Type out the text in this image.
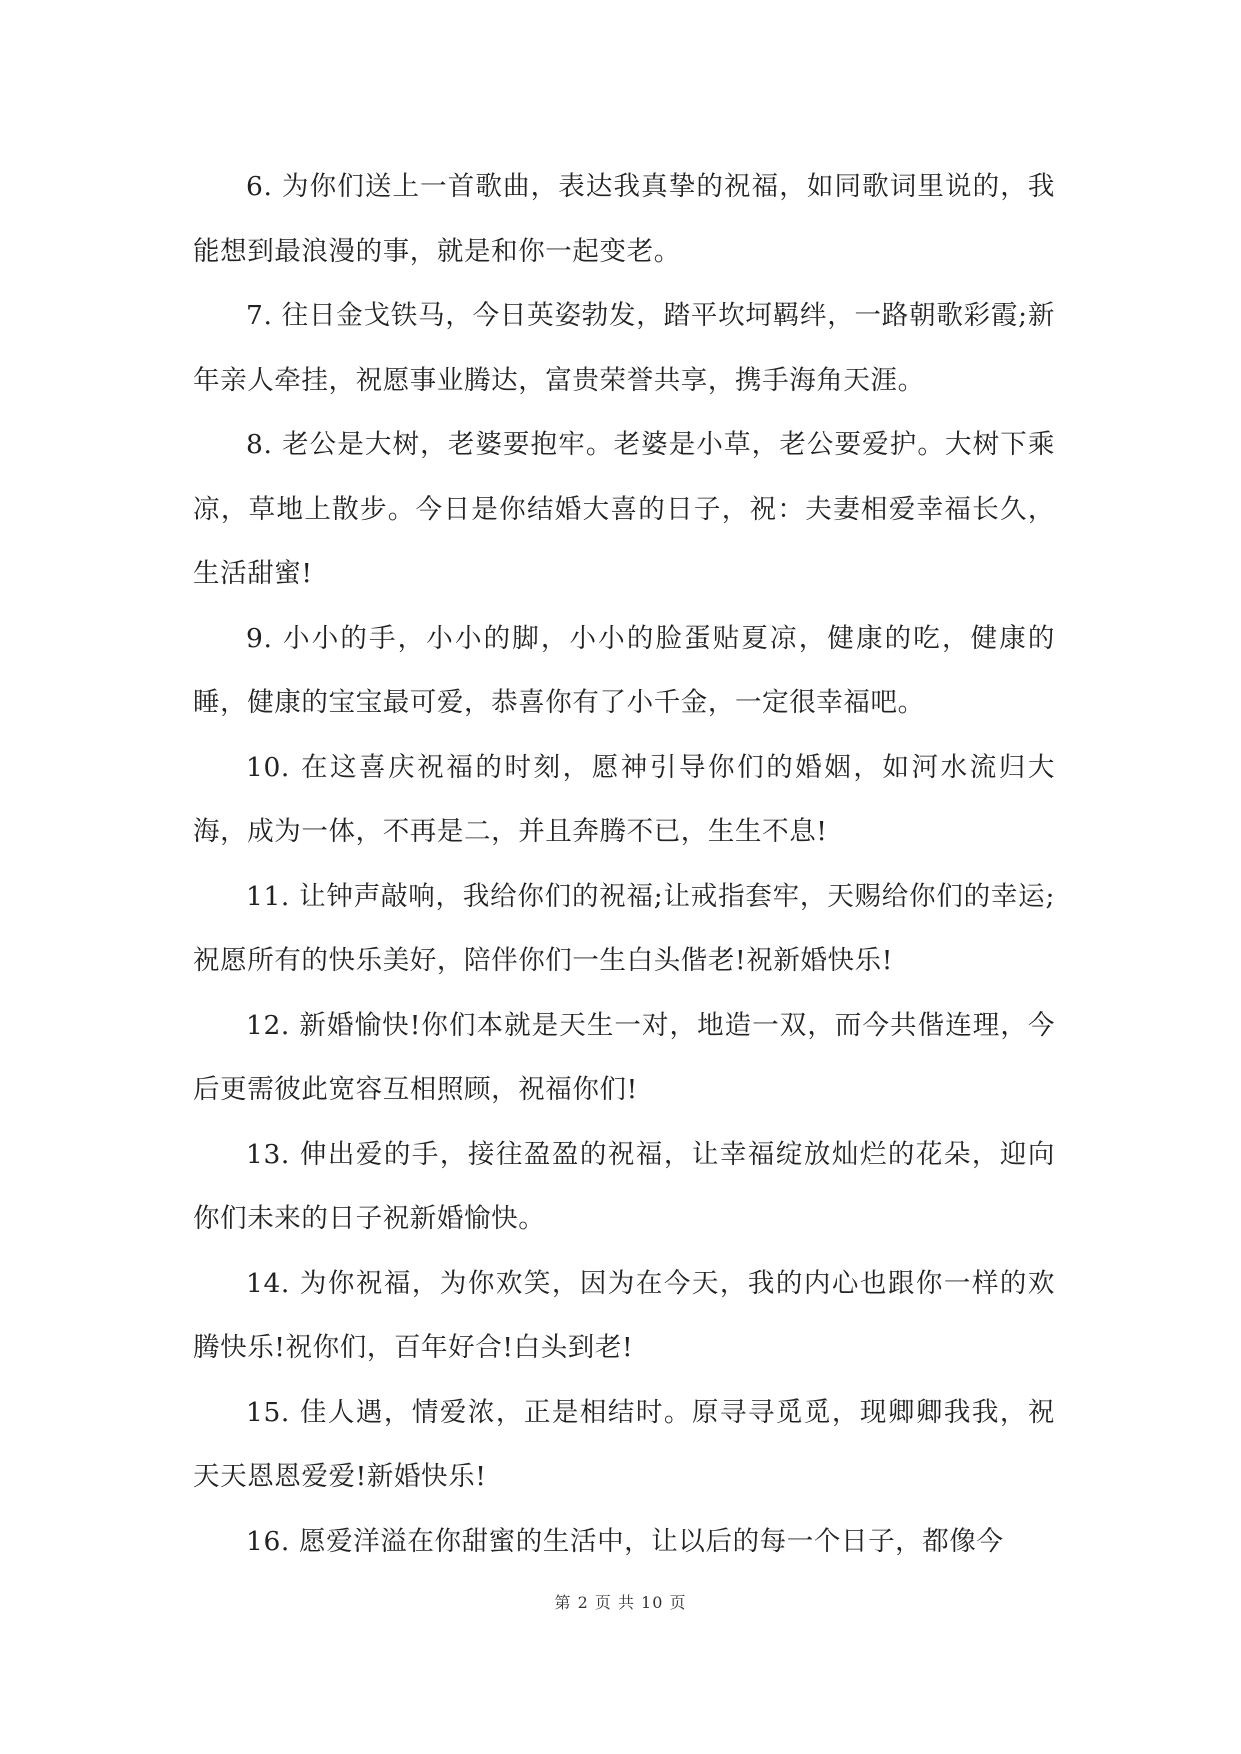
6. 为你们送上一首歌曲，表达我真挚的祝福，如同歌词里说的，我能想到最浪漫的事，就是和你一起变老。

7. 往日金戈铁马，今日英姿勃发，踏平坎坷羁绊，一路朝歌彩霞;新年亲人牵挂，祝愿事业腾达，富贵荣誉共享，携手海角天涯。

8. 老公是大树，老婆要抱牢。老婆是小草，老公要爱护。大树下乘凉，草地上散步。今日是你结婚大喜的日子，祝：夫妻相爱幸福长久，生活甜蜜!

9. 小小的手，小小的脚，小小的脸蛋贴夏凉，健康的吃，健康的睡，健康的宝宝最可爱，恭喜你有了小千金，一定很幸福吧。

10. 在这喜庆祝福的时刻，愿神引导你们的婚姻，如河水流归大海，成为一体，不再是二，并且奔腾不已，生生不息!

11. 让钟声敲响，我给你们的祝福;让戒指套牢，天赐给你们的幸运;祝愿所有的快乐美好，陪伴你们一生白头偕老!祝新婚快乐!

12. 新婚愉快!你们本就是天生一对，地造一双，而今共偕连理，今后更需彼此宽容互相照顾，祝福你们!

13. 伸出爱的手，接往盈盈的祝福，让幸福绽放灿烂的花朵，迎向你们未来的日子祝新婚愉快。

14. 为你祝福，为你欢笑，因为在今天，我的内心也跟你一样的欢腾快乐!祝你们，百年好合!白头到老!

15. 佳人遇，情爱浓，正是相结时。原寻寻觅觅，现卿卿我我，祝天天恩恩爱爱!新婚快乐!

16. 愿爱洋溢在你甜蜜的生活中，让以后的每一个日子，都像今

第 2 页 共 10 页
